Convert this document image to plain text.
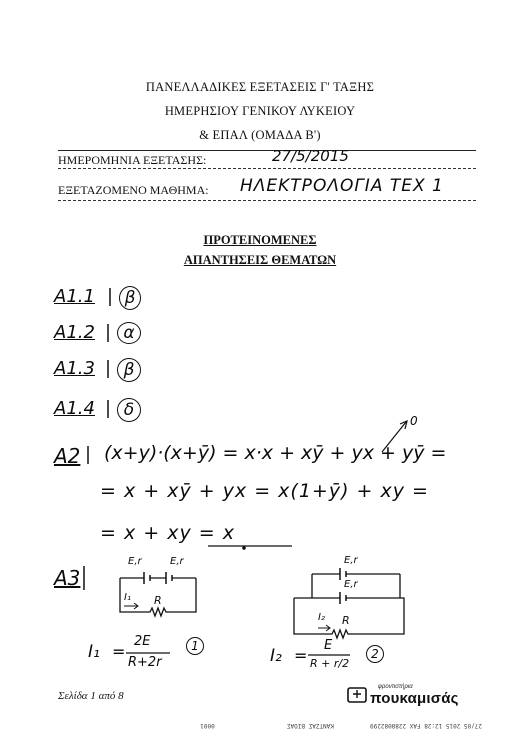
ΠΑΝΕΛΛΑΔΙΚΕΣ ΕΞΕΤΑΣΕΙΣ Γ' ΤΑΞΗΣ
ΗΜΕΡΗΣΙΟΥ ΓΕΝΙΚΟΥ ΛΥΚΕΙΟΥ
& ΕΠΑΛ (ΟΜΑΔΑ Β')
ΗΜΕΡΟΜΗΝΙΑ ΕΞΕΤΑΣΗΣ:	27/5/2015
ΕΞΕΤΑΖΟΜΕΝΟ ΜΑΘΗΜΑ: ΗΛΕΚΤΡΟΛΟΓΙΑ ΤΕΧ 1
ΠΡΟΤΕΙΝΟΜΕΝΕΣ
ΑΠΑΝΤΗΣΕΙΣ ΘΕΜΑΤΩΝ
A1.1	β
A1.2	α
A1.3	β
A1.4	δ
A2 (x+y)·(x+ȳ) = x·x + xȳ + yx + yȳ =
0
= x + xȳ + yx = x(1+ȳ) + xy =
= x + xy = x
A3
E,r	E,r
I₁ R
E,r
E,r
I₂ R
I₁ =
2E
R+2r
1	I₂ =
E
R + r/2
2
Σελίδα 1 από 8
φροντιστήρια
πουκαμισάς
27/05 2015 12:28 FAX 2288082299          ΚΑΝΤΖΑΣ ΒΙΟΑΣ                    0001
